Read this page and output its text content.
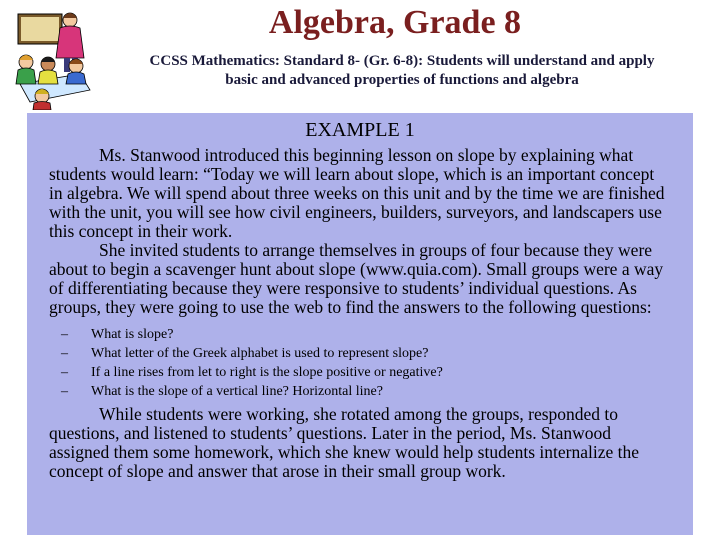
Algebra, Grade 8
CCSS Mathematics: Standard 8- (Gr. 6-8): Students will understand and apply
basic and advanced properties of functions and algebra
EXAMPLE 1

Ms. Stanwood introduced this beginning lesson on slope by explaining what students would learn: “Today we will learn about slope, which is an important concept in algebra. We will spend about three weeks on this unit and by the time we are finished with the unit, you will see how civil engineers, builders, surveyors, and landscapers use this concept in their work.

She invited students to arrange themselves in groups of four because they were about to begin a scavenger hunt about slope (www.quia.com). Small groups were a way of differentiating because they were responsive to students’ individual questions. As groups, they were going to use the web to find the answers to the following questions:

– What is slope?
– What letter of the Greek alphabet is used to represent slope?
– If a line rises from let to right is the slope positive or negative?
– What is the slope of a vertical line? Horizontal line?

While students were working, she rotated among the groups, responded to questions, and listened to students’ questions. Later in the period, Ms. Stanwood assigned them some homework, which she knew would help students internalize the concept of slope and answer that arose in their small group work.
